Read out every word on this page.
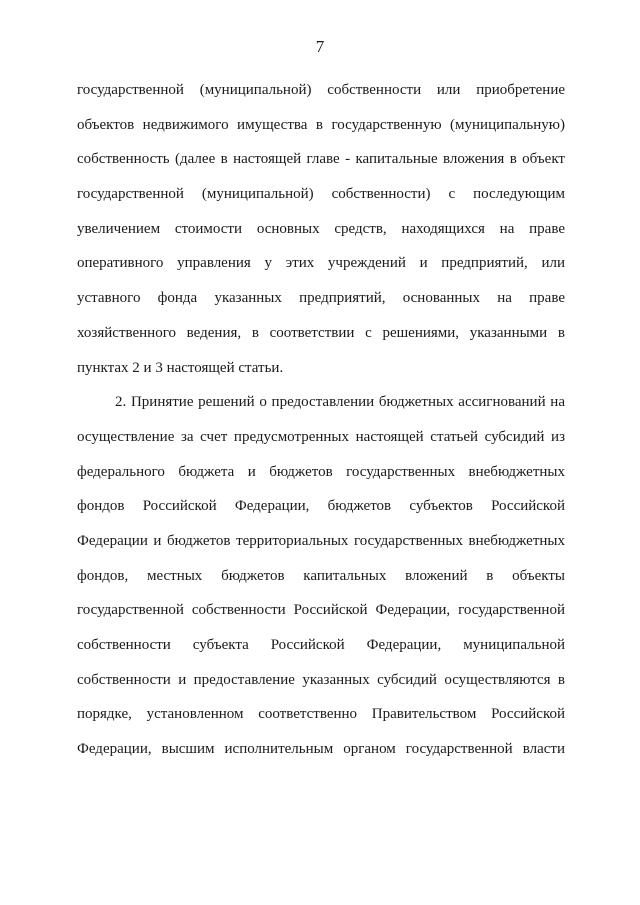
7
государственной (муниципальной) собственности или приобретение
объектов недвижимого имущества в государственную (муниципальную)
собственность (далее в настоящей главе - капитальные вложения в объект
государственной (муниципальной) собственности) с последующим
увеличением стоимости основных средств, находящихся на праве
оперативного управления у этих учреждений и предприятий, или
уставного фонда указанных предприятий, основанных на праве
хозяйственного ведения, в соответствии с решениями, указанными в
пунктах 2 и 3 настоящей статьи.
2. Принятие решений о предоставлении бюджетных ассигнований на
осуществление за счет предусмотренных настоящей статьей субсидий из
федерального бюджета и бюджетов государственных внебюджетных
фондов Российской Федерации, бюджетов субъектов Российской
Федерации и бюджетов территориальных государственных внебюджетных
фондов, местных бюджетов капитальных вложений в объекты
государственной собственности Российской Федерации, государственной
собственности субъекта Российской Федерации, муниципальной
собственности и предоставление указанных субсидий осуществляются в
порядке, установленном соответственно Правительством Российской
Федерации, высшим исполнительным органом государственной власти
